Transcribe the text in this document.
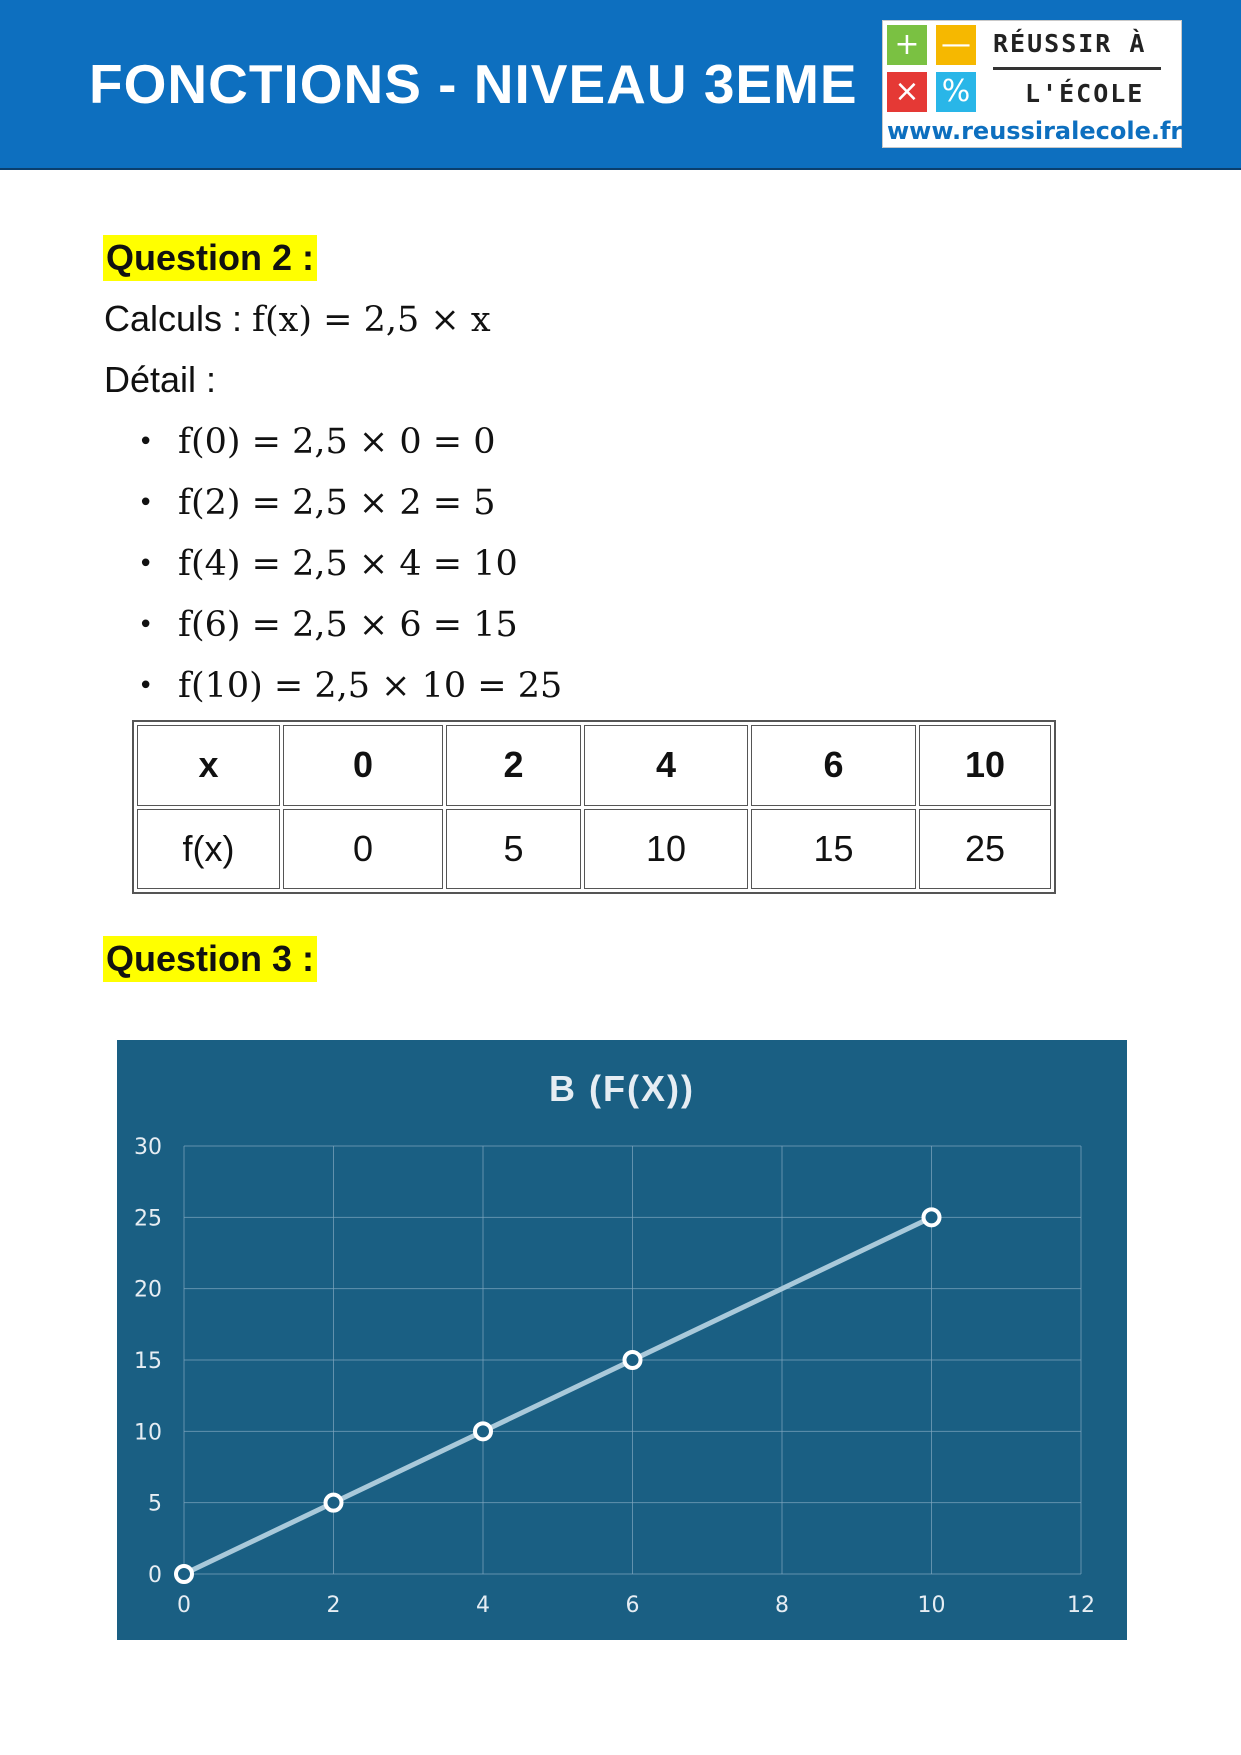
FONCTIONS - NIVEAU 3EME
+ —
× %
RÉUSSIR À
L'ÉCOLE
www.reussiralecole.fr
Question 2 :
Calculs : f(x) = 2,5 × x
Détail :
• f(0) = 2,5 × 0 = 0
• f(2) = 2,5 × 2 = 5
• f(4) = 2,5 × 4 = 10
• f(6) = 2,5 × 6 = 15
• f(10) = 2,5 × 10 = 25
x	0	2	4	6	10
f(x)	0	5	10	15	25
Question 3 :
B (F(X))
0	2	4	6	8	10	12
0
5
10
15
20
25
30
